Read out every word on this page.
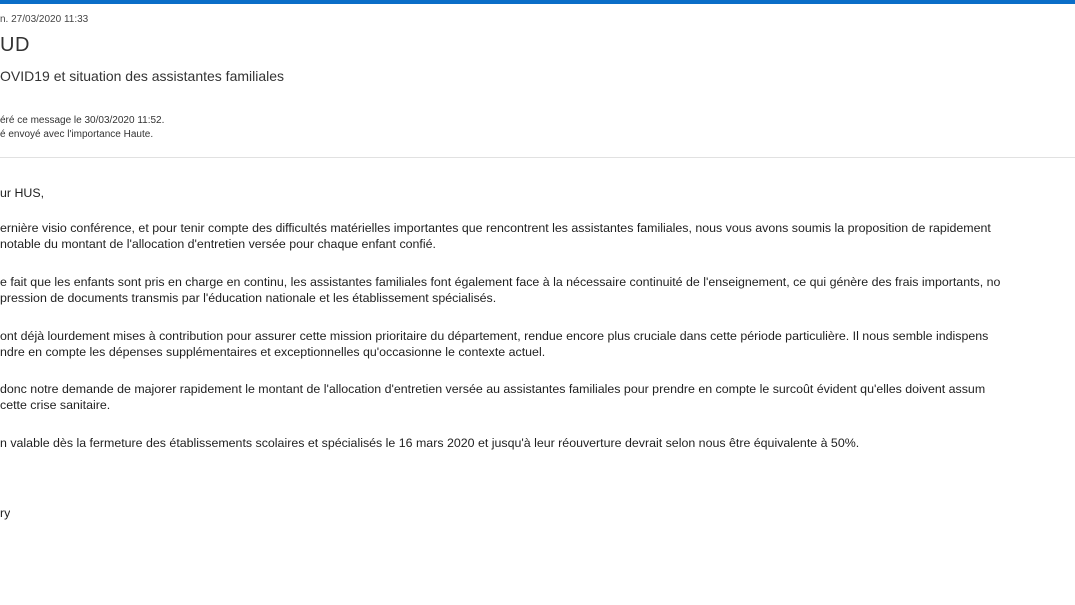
n. 27/03/2020 11:33
UD
OVID19 et situation des assistantes familiales
éré ce message le 30/03/2020 11:52.
é envoyé avec l'importance Haute.
ur HUS,
ernière visio conférence, et pour tenir compte des difficultés matérielles importantes que rencontrent les assistantes familiales, nous vous avons soumis la proposition de rapidement
notable du montant de l'allocation d'entretien versée pour chaque enfant confié.
e fait que les enfants sont pris en charge en continu, les assistantes familiales font également face à la nécessaire continuité de l'enseignement, ce qui génère des frais importants, no
pression de documents transmis par l'éducation nationale et les établissement spécialisés.
ont déjà lourdement mises à contribution pour assurer cette mission prioritaire du département, rendue encore plus cruciale dans cette période particulière. Il nous semble indispens
ndre en compte les dépenses supplémentaires et exceptionnelles qu'occasionne le contexte actuel.
donc notre demande de majorer rapidement le montant de l'allocation d'entretien versée au assistantes familiales pour prendre en compte le surcoût évident qu'elles doivent assum
cette crise sanitaire.
n valable dès la fermeture des établissements scolaires et spécialisés le 16 mars 2020 et jusqu'à leur réouverture devrait selon nous être équivalente à 50%.
ry
